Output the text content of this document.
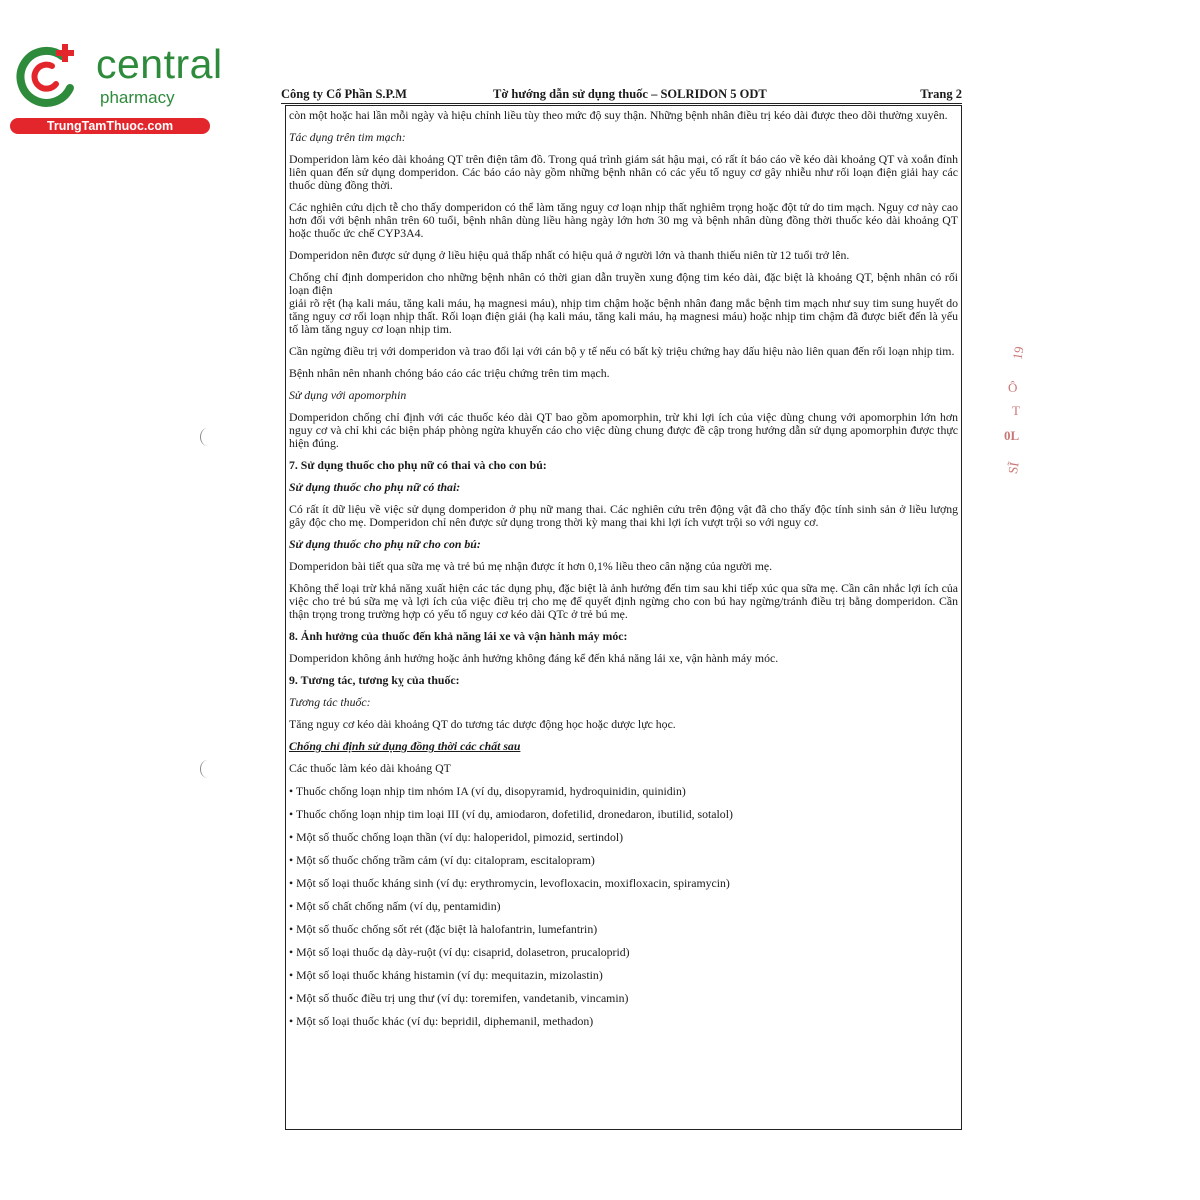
central
pharmacy
TrungTamThuoc.com
Công ty Cổ Phần S.P.M	Tờ hướng dẫn sử dụng thuốc – SOLRIDON 5 ODT	Trang 2

còn một hoặc hai lần mỗi ngày và hiệu chỉnh liều tùy theo mức độ suy thận. Những bệnh nhân điều trị kéo dài được theo dõi thường xuyên.

Tác dụng trên tim mạch:

Domperidon làm kéo dài khoảng QT trên điện tâm đồ. Trong quá trình giám sát hậu mại, có rất ít báo cáo về kéo dài khoảng QT và xoắn đỉnh liên quan đến sử dụng domperidon. Các báo cáo này gồm những bệnh nhân có các yếu tố nguy cơ gây nhiễu như rối loạn điện giải hay các thuốc dùng đồng thời.

Các nghiên cứu dịch tễ cho thấy domperidon có thể làm tăng nguy cơ loạn nhịp thất nghiêm trọng hoặc đột tử do tim mạch. Nguy cơ này cao hơn đối với bệnh nhân trên 60 tuổi, bệnh nhân dùng liều hàng ngày lớn hơn 30 mg và bệnh nhân dùng đồng thời thuốc kéo dài khoảng QT hoặc thuốc ức chế CYP3A4.

Domperidon nên được sử dụng ở liều hiệu quả thấp nhất có hiệu quả ở người lớn và thanh thiếu niên từ 12 tuổi trở lên.

Chống chỉ định domperidon cho những bệnh nhân có thời gian dẫn truyền xung động tim kéo dài, đặc biệt là khoảng QT, bệnh nhân có rối loạn điện

giải rõ rệt (hạ kali máu, tăng kali máu, hạ magnesi máu), nhịp tim chậm hoặc bệnh nhân đang mắc bệnh tim mạch như suy tim sung huyết do tăng nguy cơ rối loạn nhịp thất. Rối loạn điện giải (hạ kali máu, tăng kali máu, hạ magnesi máu) hoặc nhịp tim chậm đã được biết đến là yếu tố làm tăng nguy cơ loạn nhịp tim.

Cần ngừng điều trị với domperidon và trao đổi lại với cán bộ y tế nếu có bất kỳ triệu chứng hay dấu hiệu nào liên quan đến rối loạn nhịp tim.

Bệnh nhân nên nhanh chóng báo cáo các triệu chứng trên tim mạch.

Sử dụng với apomorphin

Domperidon chống chỉ định với các thuốc kéo dài QT bao gồm apomorphin, trừ khi lợi ích của việc dùng chung với apomorphin lớn hơn nguy cơ và chỉ khi các biện pháp phòng ngừa khuyến cáo cho việc dùng chung được đề cập trong hướng dẫn sử dụng apomorphin được thực hiện đúng.

7. Sử dụng thuốc cho phụ nữ có thai và cho con bú:

Sử dụng thuốc cho phụ nữ có thai:

Có rất ít dữ liệu về việc sử dụng domperidon ở phụ nữ mang thai. Các nghiên cứu trên động vật đã cho thấy độc tính sinh sản ở liều lượng gây độc cho mẹ. Domperidon chỉ nên được sử dụng trong thời kỳ mang thai khi lợi ích vượt trội so với nguy cơ.

Sử dụng thuốc cho phụ nữ cho con bú:

Domperidon bài tiết qua sữa mẹ và trẻ bú mẹ nhận được ít hơn 0,1% liều theo cân nặng của người mẹ.

Không thể loại trừ khả năng xuất hiện các tác dụng phụ, đặc biệt là ảnh hưởng đến tim sau khi tiếp xúc qua sữa mẹ. Cần cân nhắc lợi ích của việc cho trẻ bú sữa mẹ và lợi ích của việc điều trị cho mẹ để quyết định ngừng cho con bú hay ngừng/tránh điều trị bằng domperidon. Cần thận trọng trong trường hợp có yếu tố nguy cơ kéo dài QTc ở trẻ bú mẹ.

8. Ảnh hưởng của thuốc đến khả năng lái xe và vận hành máy móc:

Domperidon không ảnh hưởng hoặc ảnh hưởng không đáng kể đến khả năng lái xe, vận hành máy móc.

9. Tương tác, tương kỵ của thuốc:

Tương tác thuốc:

Tăng nguy cơ kéo dài khoảng QT do tương tác dược động học hoặc dược lực học.

Chống chỉ định sử dụng đồng thời các chất sau

Các thuốc làm kéo dài khoảng QT

• Thuốc chống loạn nhịp tim nhóm IA (ví dụ, disopyramid, hydroquinidin, quinidin)

• Thuốc chống loạn nhịp tim loại III (ví dụ, amiodaron, dofetilid, dronedaron, ibutilid, sotalol)

• Một số thuốc chống loạn thần (ví dụ: haloperidol, pimozid, sertindol)

• Một số thuốc chống trầm cảm (ví dụ: citalopram, escitalopram)

• Một số loại thuốc kháng sinh (ví dụ: erythromycin, levofloxacin, moxifloxacin, spiramycin)

• Một số chất chống nấm (ví dụ, pentamidin)

• Một số thuốc chống sốt rét (đặc biệt là halofantrin, lumefantrin)

• Một số loại thuốc dạ dày-ruột (ví dụ: cisaprid, dolasetron, prucaloprid)

• Một số loại thuốc kháng histamin (ví dụ: mequitazin, mizolastin)

• Một số thuốc điều trị ung thư (ví dụ: toremifen, vandetanib, vincamin)

• Một số loại thuốc khác (ví dụ: bepridil, diphemanil, methadon)

19
Ô
T
0L
SĨ
